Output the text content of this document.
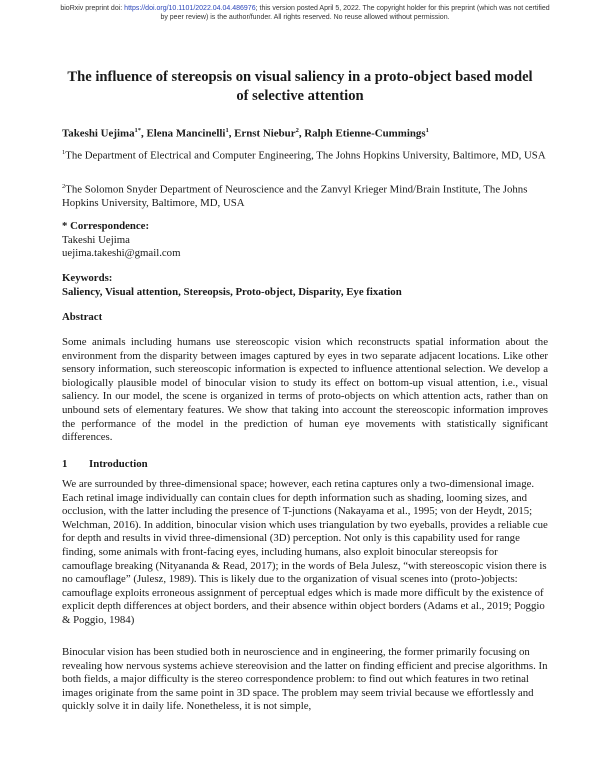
bioRxiv preprint doi: https://doi.org/10.1101/2022.04.04.486976; this version posted April 5, 2022. The copyright holder for this preprint (which was not certified by peer review) is the author/funder. All rights reserved. No reuse allowed without permission.
The influence of stereopsis on visual saliency in a proto-object based model of selective attention
Takeshi Uejima$^{1*}$, Elena Mancinelli$^1$, Ernst Niebur$^2$, Ralph Etienne-Cummings$^1$
$^1$The Department of Electrical and Computer Engineering, The Johns Hopkins University, Baltimore, MD, USA
$^2$The Solomon Snyder Department of Neuroscience and the Zanvyl Krieger Mind/Brain Institute, The Johns Hopkins University, Baltimore, MD, USA
* Correspondence:
Takeshi Uejima
uejima.takeshi@gmail.com
Keywords:
Saliency, Visual attention, Stereopsis, Proto-object, Disparity, Eye fixation
Abstract

Some animals including humans use stereoscopic vision which reconstructs spatial information about the environment from the disparity between images captured by eyes in two separate adjacent locations. Like other sensory information, such stereoscopic information is expected to influence attentional selection. We develop a biologically plausible model of binocular vision to study its effect on bottom-up visual attention, i.e., visual saliency. In our model, the scene is organized in terms of proto-objects on which attention acts, rather than on unbound sets of elementary features. We show that taking into account the stereoscopic information improves the performance of the model in the prediction of human eye movements with statistically significant differences.

1 Introduction

We are surrounded by three-dimensional space; however, each retina captures only a two-dimensional image. Each retinal image individually can contain clues for depth information such as shading, looming sizes, and occlusion, with the latter including the presence of T-junctions (Nakayama et al., 1995; von der Heydt, 2015; Welchman, 2016). In addition, binocular vision which uses triangulation by two eyeballs, provides a reliable cue for depth and results in vivid three-dimensional (3D) perception. Not only is this capability used for range finding, some animals with front-facing eyes, including humans, also exploit binocular stereopsis for camouflage breaking (Nityananda & Read, 2017); in the words of Bela Julesz, “with stereoscopic vision there is no camouflage” (Julesz, 1989). This is likely due to the organization of visual scenes into (proto-)objects: camouflage exploits erroneous assignment of perceptual edges which is made more difficult by the existence of explicit depth differences at object borders, and their absence within object borders (Adams et al., 2019; Poggio & Poggio, 1984)

Binocular vision has been studied both in neuroscience and in engineering, the former primarily focusing on revealing how nervous systems achieve stereovision and the latter on finding efficient and precise algorithms. In both fields, a major difficulty is the stereo correspondence problem: to find out which features in two retinal images originate from the same point in 3D space. The problem may seem trivial because we effortlessly and quickly solve it in daily life. Nonetheless, it is not simple,
